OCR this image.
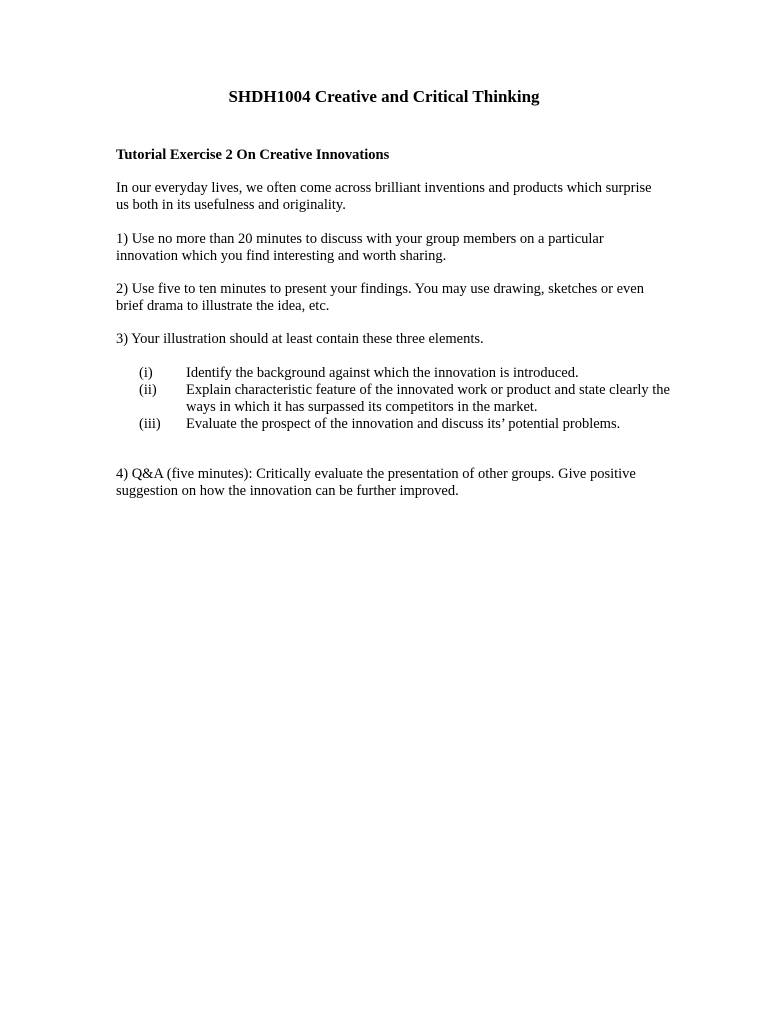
SHDH1004 Creative and Critical Thinking

Tutorial Exercise 2 On Creative Innovations

In our everyday lives, we often come across brilliant inventions and products which surprise us both in its usefulness and originality.

1) Use no more than 20 minutes to discuss with your group members on a particular innovation which you find interesting and worth sharing.

2) Use five to ten minutes to present your findings. You may use drawing, sketches or even brief drama to illustrate the idea, etc.

3) Your illustration should at least contain these three elements.

(i)	Identify the background against which the innovation is introduced.
(ii)	Explain characteristic feature of the innovated work or product and state clearly the ways in which it has surpassed its competitors in the market.
(iii)	Evaluate the prospect of the innovation and discuss its’ potential problems.

4) Q&A (five minutes): Critically evaluate the presentation of other groups. Give positive suggestion on how the innovation can be further improved.
